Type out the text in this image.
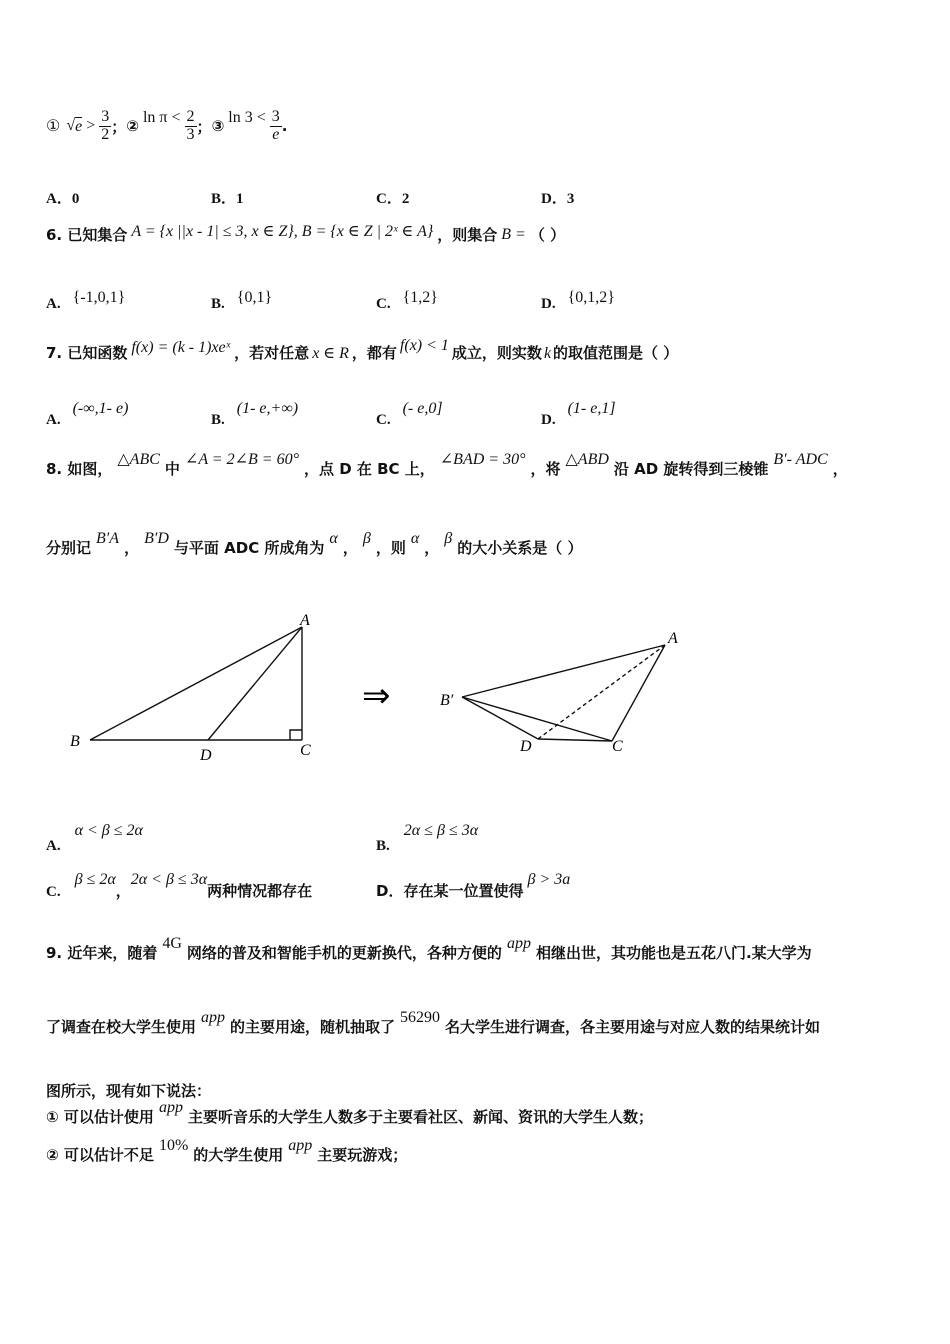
① √ $e > \frac{3}{2}$ ； ② $\ln \pi < \frac{2}{3}$ ； ③ $\ln 3 < \frac{3}{e}$ .
A．0	B．1	C．2	D．3
6. 已知集合 A = {x ||x - 1| ≤ 3, x ∈ Z}, B = {x ∈ Z | 2ˣ ∈ A} ，则集合 B = （ ）
A. {-1,0,1}	B. {0,1}	C. {1,2}	D. {0,1,2}
7. 已知函数 f(x) = (k - 1)xeˣ ，若对任意 x ∈ R ，都有 f(x) < 1 成立，则实数 k 的取值范围是（ ）
A.
(-∞,1- e)
B.
(1- e,+∞)
C.
(- e,0]
D.
(1- e,1]
8. 如图，
△ABC
中
∠A = 2∠B = 60°
，点 D 在 BC 上，
∠BAD = 30°
，将
△ABD
沿 AD 旋转得到三棱锥
B′- ADC
，
分别记
B′A
，
B′D
与平面 ADC 所成角为
α
，
β
，则
α
，
β
的大小关系是（ ）
B
A
D	C
⇒	B′
A
D	C
A.
α < β ≤ 2α
B.
2α ≤ β ≤ 3α
C.
β ≤ 2α
，
2α < β ≤ 3α
两种情况都存在	D． 存在某一位置使得
β > 3a
9. 近年来，随着
4G
网络的普及和智能手机的更新换代，各种方便的
app
相继出世，其功能也是五花八门.某大学为
了调查在校大学生使用
app
的主要用途，随机抽取了
56290
名大学生进行调查，各主要用途与对应人数的结果统计如
图所示，现有如下说法：
① 可以估计使用
app
主要听音乐的大学生人数多于主要看社区、新闻、资讯的大学生人数；
② 可以估计不足
10%
的大学生使用
app
主要玩游戏；
